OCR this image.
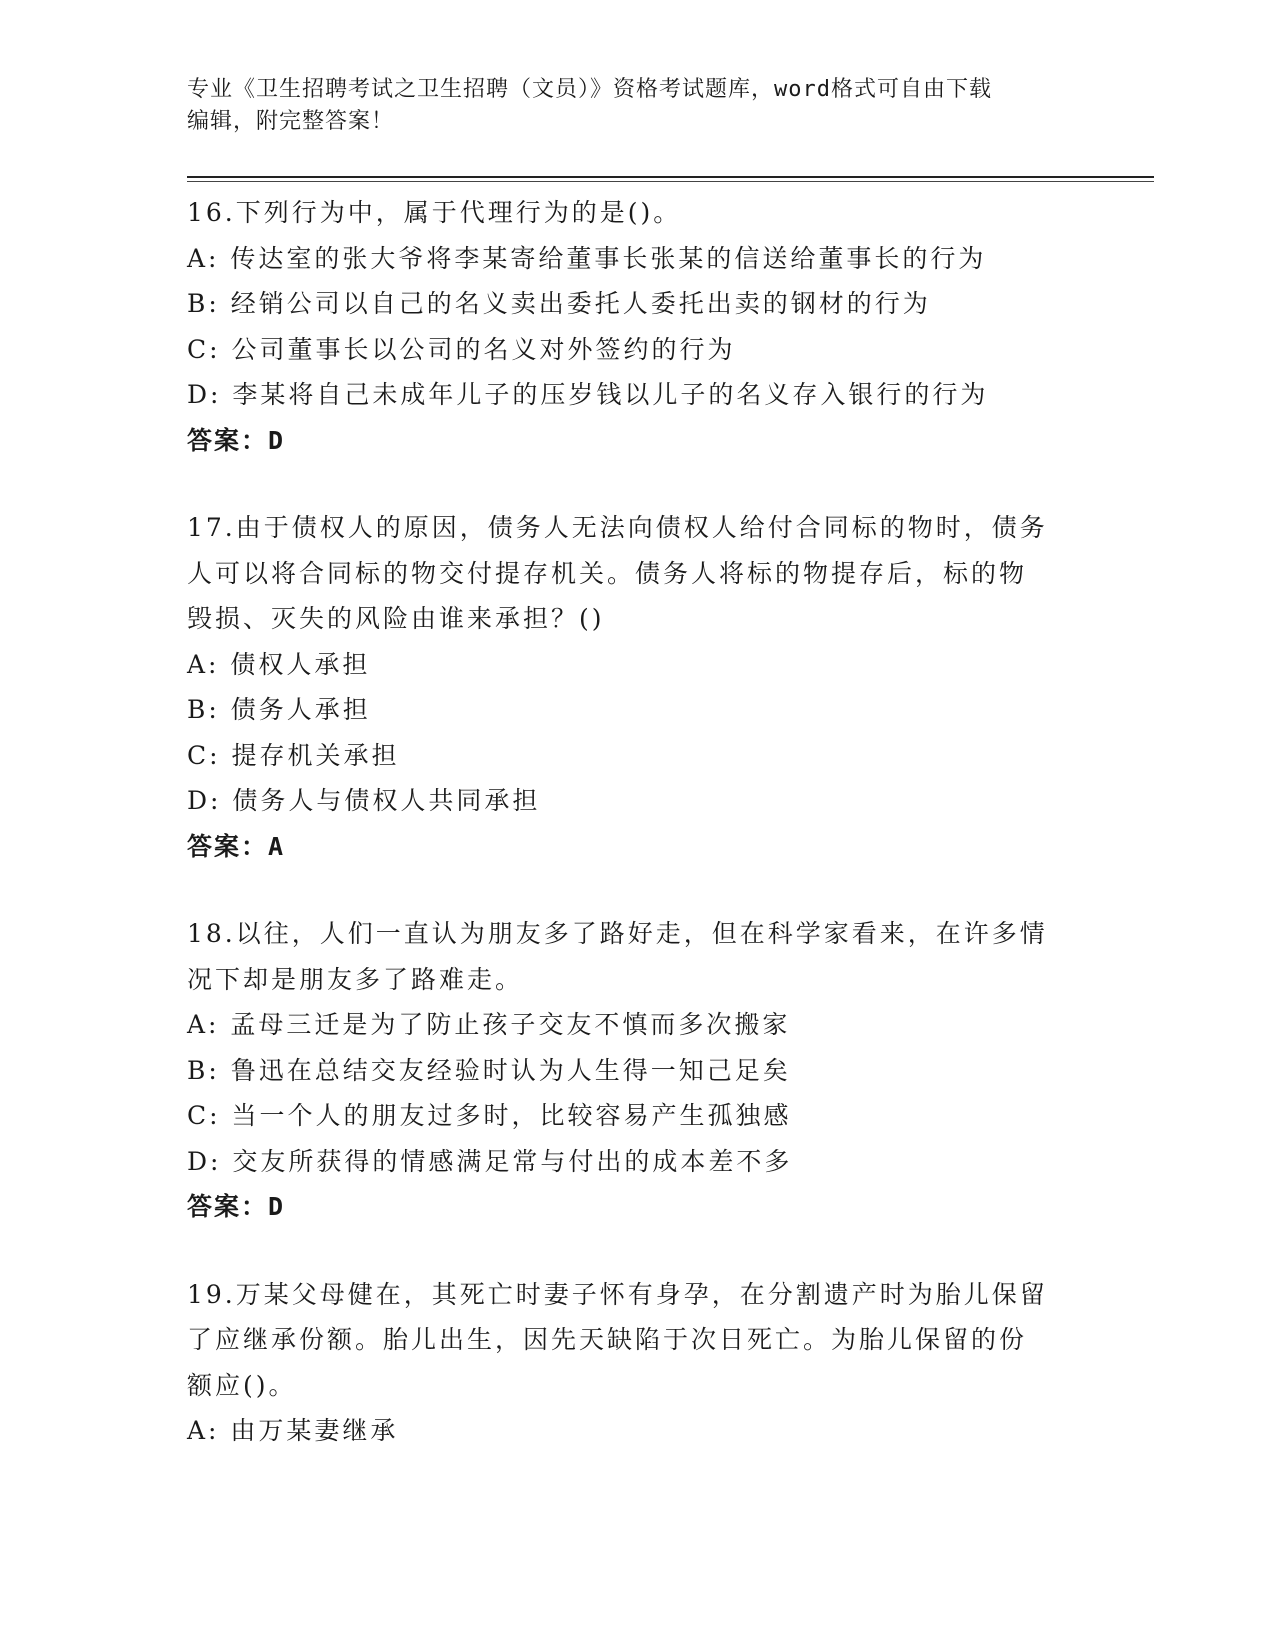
专业《卫生招聘考试之卫生招聘（文员）》资格考试题库，word格式可自由下载
编辑，附完整答案！
16.下列行为中，属于代理行为的是()。
A: 传达室的张大爷将李某寄给董事长张某的信送给董事长的行为
B: 经销公司以自己的名义卖出委托人委托出卖的钢材的行为
C: 公司董事长以公司的名义对外签约的行为
D: 李某将自己未成年儿子的压岁钱以儿子的名义存入银行的行为
答案：D
17.由于债权人的原因，债务人无法向债权人给付合同标的物时，债务
人可以将合同标的物交付提存机关。债务人将标的物提存后，标的物
毁损、灭失的风险由谁来承担？()
A: 债权人承担
B: 债务人承担
C: 提存机关承担
D: 债务人与债权人共同承担
答案：A
18.以往，人们一直认为朋友多了路好走，但在科学家看来，在许多情
况下却是朋友多了路难走。
A: 孟母三迁是为了防止孩子交友不慎而多次搬家
B: 鲁迅在总结交友经验时认为人生得一知己足矣
C: 当一个人的朋友过多时，比较容易产生孤独感
D: 交友所获得的情感满足常与付出的成本差不多
答案：D
19.万某父母健在，其死亡时妻子怀有身孕，在分割遗产时为胎儿保留
了应继承份额。胎儿出生，因先天缺陷于次日死亡。为胎儿保留的份
额应()。
A: 由万某妻继承
